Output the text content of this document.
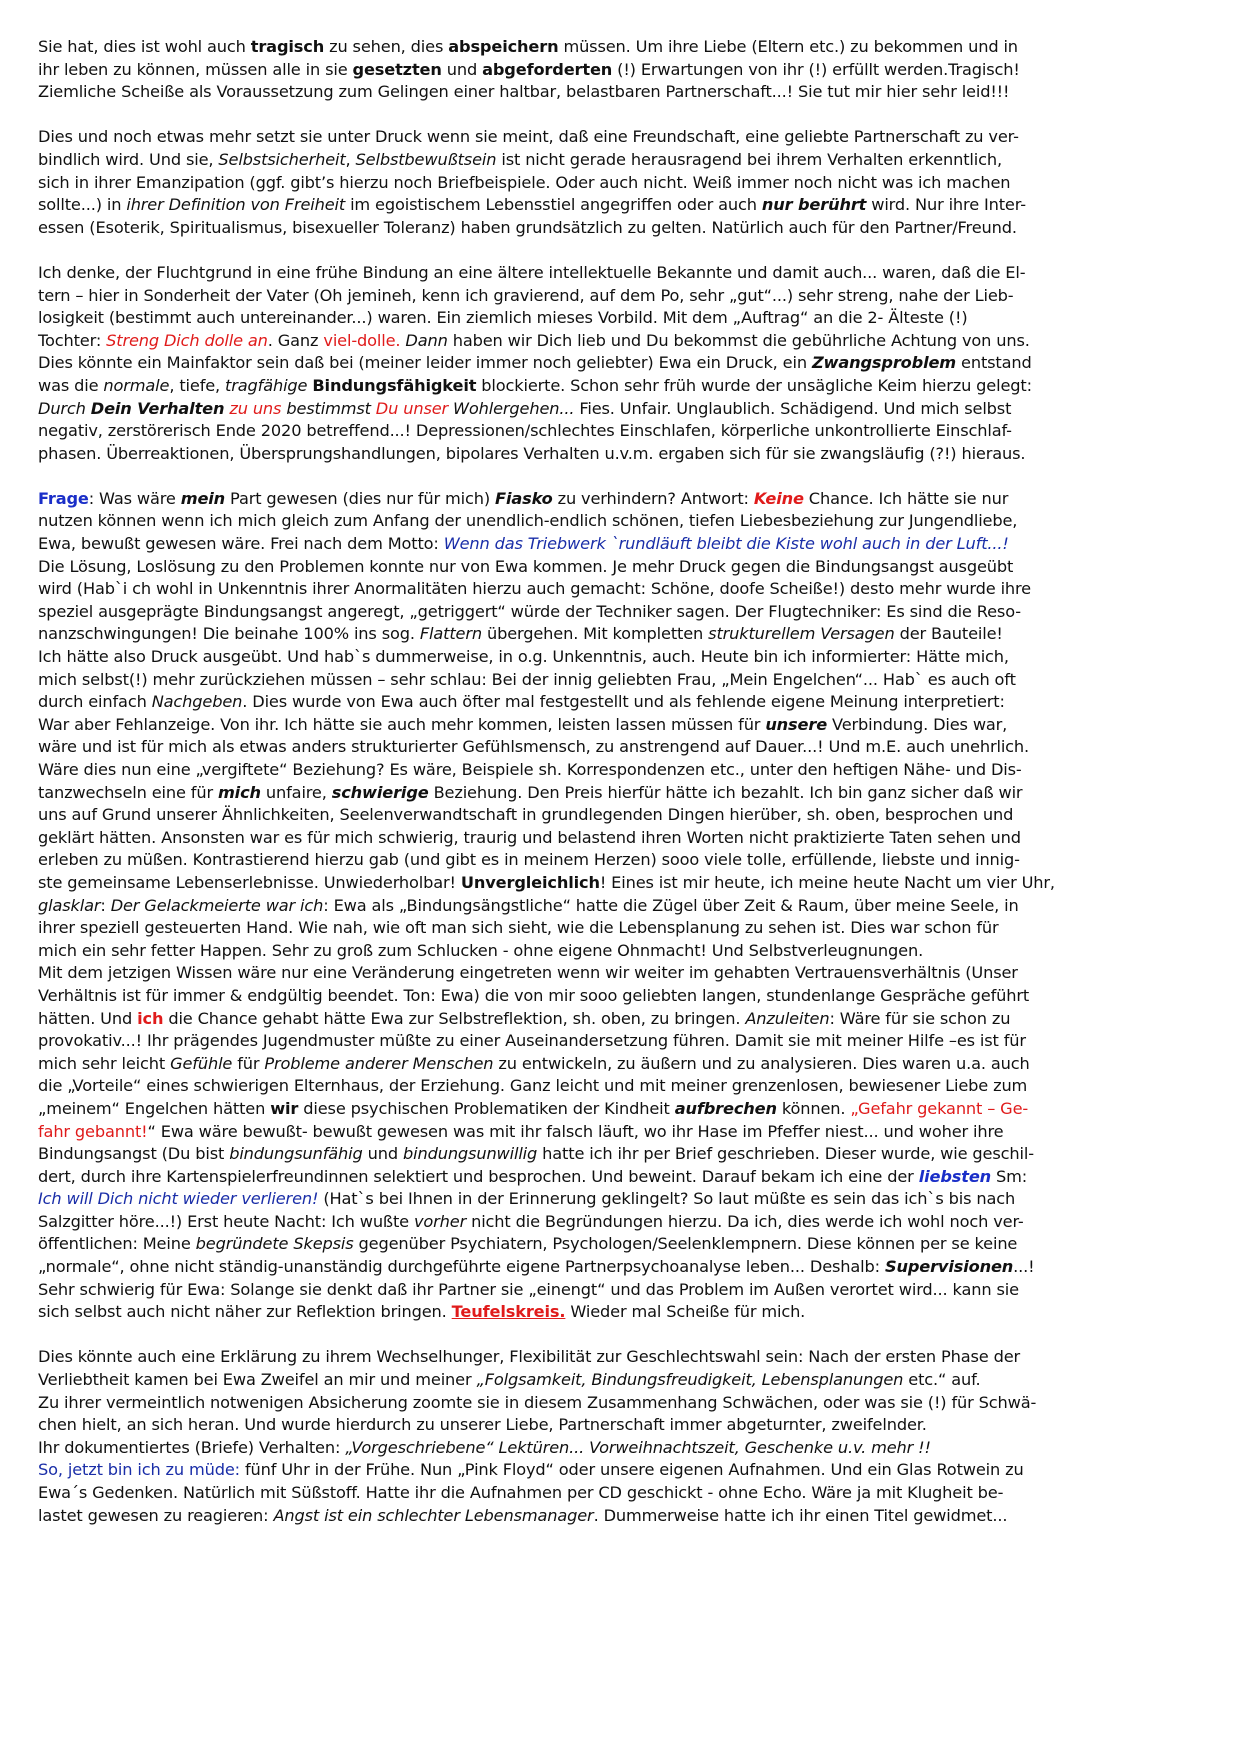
Sie hat, dies ist wohl auch tragisch zu sehen, dies abspeichern müssen. Um ihre Liebe (Eltern etc.) zu bekommen und in
ihr leben zu können, müssen alle in sie gesetzten und abgeforderten (!) Erwartungen von ihr (!) erfüllt werden.Tragisch!
Ziemliche Scheiße als Voraussetzung zum Gelingen einer haltbar, belastbaren Partnerschaft...! Sie tut mir hier sehr leid!!!
Dies und noch etwas mehr setzt sie unter Druck wenn sie meint, daß eine Freundschaft, eine geliebte Partnerschaft zu ver-
bindlich wird. Und sie, Selbstsicherheit, Selbstbewußtsein ist nicht gerade herausragend bei ihrem Verhalten erkenntlich,
sich in ihrer Emanzipation (ggf. gibt’s hierzu noch Briefbeispiele. Oder auch nicht. Weiß immer noch nicht was ich machen
sollte...) in ihrer Definition von Freiheit im egoistischem Lebensstiel angegriffen oder auch nur berührt wird. Nur ihre Inter-
essen (Esoterik, Spiritualismus, bisexueller Toleranz) haben grundsätzlich zu gelten. Natürlich auch für den Partner/Freund.
Ich denke, der Fluchtgrund in eine frühe Bindung an eine ältere intellektuelle Bekannte und damit auch... waren, daß die El-
tern – hier in Sonderheit der Vater (Oh jemineh, kenn ich gravierend, auf dem Po, sehr „gut“...) sehr streng, nahe der Lieb-
losigkeit (bestimmt auch untereinander...) waren. Ein ziemlich mieses Vorbild. Mit dem „Auftrag“ an die 2- Älteste (!)
Tochter: Streng Dich dolle an. Ganz viel-dolle. Dann haben wir Dich lieb und Du bekommst die gebührliche Achtung von uns.
Dies könnte ein Mainfaktor sein daß bei (meiner leider immer noch geliebter) Ewa ein Druck, ein Zwangsproblem entstand
was die normale, tiefe, tragfähige Bindungsfähigkeit blockierte. Schon sehr früh wurde der unsägliche Keim hierzu gelegt:
Durch Dein Verhalten zu uns bestimmst Du unser Wohlergehen... Fies. Unfair. Unglaublich. Schädigend. Und mich selbst
negativ, zerstörerisch Ende 2020 betreffend...! Depressionen/schlechtes Einschlafen, körperliche unkontrollierte Einschlaf-
phasen. Überreaktionen, Übersprungshandlungen, bipolares Verhalten u.v.m. ergaben sich für sie zwangsläufig (?!) hieraus.
Frage: Was wäre mein Part gewesen (dies nur für mich) Fiasko zu verhindern? Antwort: Keine Chance. Ich hätte sie nur
nutzen können wenn ich mich gleich zum Anfang der unendlich-endlich schönen, tiefen Liebesbeziehung zur Jungendliebe,
Ewa, bewußt gewesen wäre. Frei nach dem Motto: Wenn das Triebwerk `rundläuft bleibt die Kiste wohl auch in der Luft...!
Die Lösung, Loslösung zu den Problemen konnte nur von Ewa kommen. Je mehr Druck gegen die Bindungsangst ausgeübt
wird (Hab`i ch wohl in Unkenntnis ihrer Anormalitäten hierzu auch gemacht: Schöne, doofe Scheiße!) desto mehr wurde ihre
speziel ausgeprägte Bindungsangst angeregt, „getriggert“ würde der Techniker sagen. Der Flugtechniker: Es sind die Reso-
nanzschwingungen! Die beinahe 100% ins sog. Flattern übergehen. Mit kompletten strukturellem Versagen der Bauteile!
Ich hätte also Druck ausgeübt. Und hab`s dummerweise, in o.g. Unkenntnis, auch. Heute bin ich informierter: Hätte mich,
mich selbst(!) mehr zurückziehen müssen – sehr schlau: Bei der innig geliebten Frau, „Mein Engelchen“... Hab` es auch oft
durch einfach Nachgeben. Dies wurde von Ewa auch öfter mal festgestellt und als fehlende eigene Meinung interpretiert:
War aber Fehlanzeige. Von ihr. Ich hätte sie auch mehr kommen, leisten lassen müssen für unsere Verbindung. Dies war,
wäre und ist für mich als etwas anders strukturierter Gefühlsmensch, zu anstrengend auf Dauer...! Und m.E. auch unehrlich.
Wäre dies nun eine „vergiftete“ Beziehung? Es wäre, Beispiele sh. Korrespondenzen etc., unter den heftigen Nähe- und Dis-
tanzwechseln eine für mich unfaire, schwierige Beziehung. Den Preis hierfür hätte ich bezahlt. Ich bin ganz sicher daß wir
uns auf Grund unserer Ähnlichkeiten, Seelenverwandtschaft in grundlegenden Dingen hierüber, sh. oben, besprochen und
geklärt hätten. Ansonsten war es für mich schwierig, traurig und belastend ihren Worten nicht praktizierte Taten sehen und
erleben zu müßen. Kontrastierend hierzu gab (und gibt es in meinem Herzen) sooo viele tolle, erfüllende, liebste und innig-
ste gemeinsame Lebenserlebnisse. Unwiederholbar! Unvergleichlich! Eines ist mir heute, ich meine heute Nacht um vier Uhr,
glasklar: Der Gelackmeierte war ich: Ewa als „Bindungsängstliche“ hatte die Zügel über Zeit & Raum, über meine Seele, in
ihrer speziell gesteuerten Hand. Wie nah, wie oft man sich sieht, wie die Lebensplanung zu sehen ist. Dies war schon für
mich ein sehr fetter Happen. Sehr zu groß zum Schlucken - ohne eigene Ohnmacht! Und Selbstverleugnungen.
Mit dem jetzigen Wissen wäre nur eine Veränderung eingetreten wenn wir weiter im gehabten Vertrauensverhältnis (Unser
Verhältnis ist für immer & endgültig beendet. Ton: Ewa) die von mir sooo geliebten langen, stundenlange Gespräche geführt
hätten. Und ich die Chance gehabt hätte Ewa zur Selbstreflektion, sh. oben, zu bringen. Anzuleiten: Wäre für sie schon zu
provokativ...! Ihr prägendes Jugendmuster müßte zu einer Auseinandersetzung führen. Damit sie mit meiner Hilfe –es ist für
mich sehr leicht Gefühle für Probleme anderer Menschen zu entwickeln, zu äußern und zu analysieren. Dies waren u.a. auch
die „Vorteile“ eines schwierigen Elternhaus, der Erziehung. Ganz leicht und mit meiner grenzenlosen, bewiesener Liebe zum
„meinem“ Engelchen hätten wir diese psychischen Problematiken der Kindheit aufbrechen können. „Gefahr gekannt – Ge-
fahr gebannt!“ Ewa wäre bewußt- bewußt gewesen was mit ihr falsch läuft, wo ihr Hase im Pfeffer niest... und woher ihre
Bindungsangst (Du bist bindungsunfähig und bindungsunwillig hatte ich ihr per Brief geschrieben. Dieser wurde, wie geschil-
dert, durch ihre Kartenspielerfreundinnen selektiert und besprochen. Und beweint. Darauf bekam ich eine der liebsten Sm:
Ich will Dich nicht wieder verlieren! (Hat`s bei Ihnen in der Erinnerung geklingelt? So laut müßte es sein das ich`s bis nach
Salzgitter höre...!) Erst heute Nacht: Ich wußte vorher nicht die Begründungen hierzu. Da ich, dies werde ich wohl noch ver-
öffentlichen: Meine begründete Skepsis gegenüber Psychiatern, Psychologen/Seelenklempnern. Diese können per se keine
„normale“, ohne nicht ständig-unanständig durchgeführte eigene Partnerpsychoanalyse leben... Deshalb: Supervisionen...!
Sehr schwierig für Ewa: Solange sie denkt daß ihr Partner sie „einengt“ und das Problem im Außen verortet wird... kann sie
sich selbst auch nicht näher zur Reflektion bringen. Teufelskreis. Wieder mal Scheiße für mich.
Dies könnte auch eine Erklärung zu ihrem Wechselhunger, Flexibilität zur Geschlechtswahl sein: Nach der ersten Phase der
Verliebtheit kamen bei Ewa Zweifel an mir und meiner „Folgsamkeit, Bindungsfreudigkeit, Lebensplanungen etc.“ auf.
Zu ihrer vermeintlich notwenigen Absicherung zoomte sie in diesem Zusammenhang Schwächen, oder was sie (!) für Schwä-
chen hielt, an sich heran. Und wurde hierdurch zu unserer Liebe, Partnerschaft immer abgeturnter, zweifelnder.
Ihr dokumentiertes (Briefe) Verhalten: „Vorgeschriebene“ Lektüren... Vorweihnachtszeit, Geschenke u.v. mehr !!
So, jetzt bin ich zu müde: fünf Uhr in der Frühe. Nun „Pink Floyd“ oder unsere eigenen Aufnahmen. Und ein Glas Rotwein zu
Ewa´s Gedenken. Natürlich mit Süßstoff. Hatte ihr die Aufnahmen per CD geschickt - ohne Echo. Wäre ja mit Klugheit be-
lastet gewesen zu reagieren: Angst ist ein schlechter Lebensmanager. Dummerweise hatte ich ihr einen Titel gewidmet...
